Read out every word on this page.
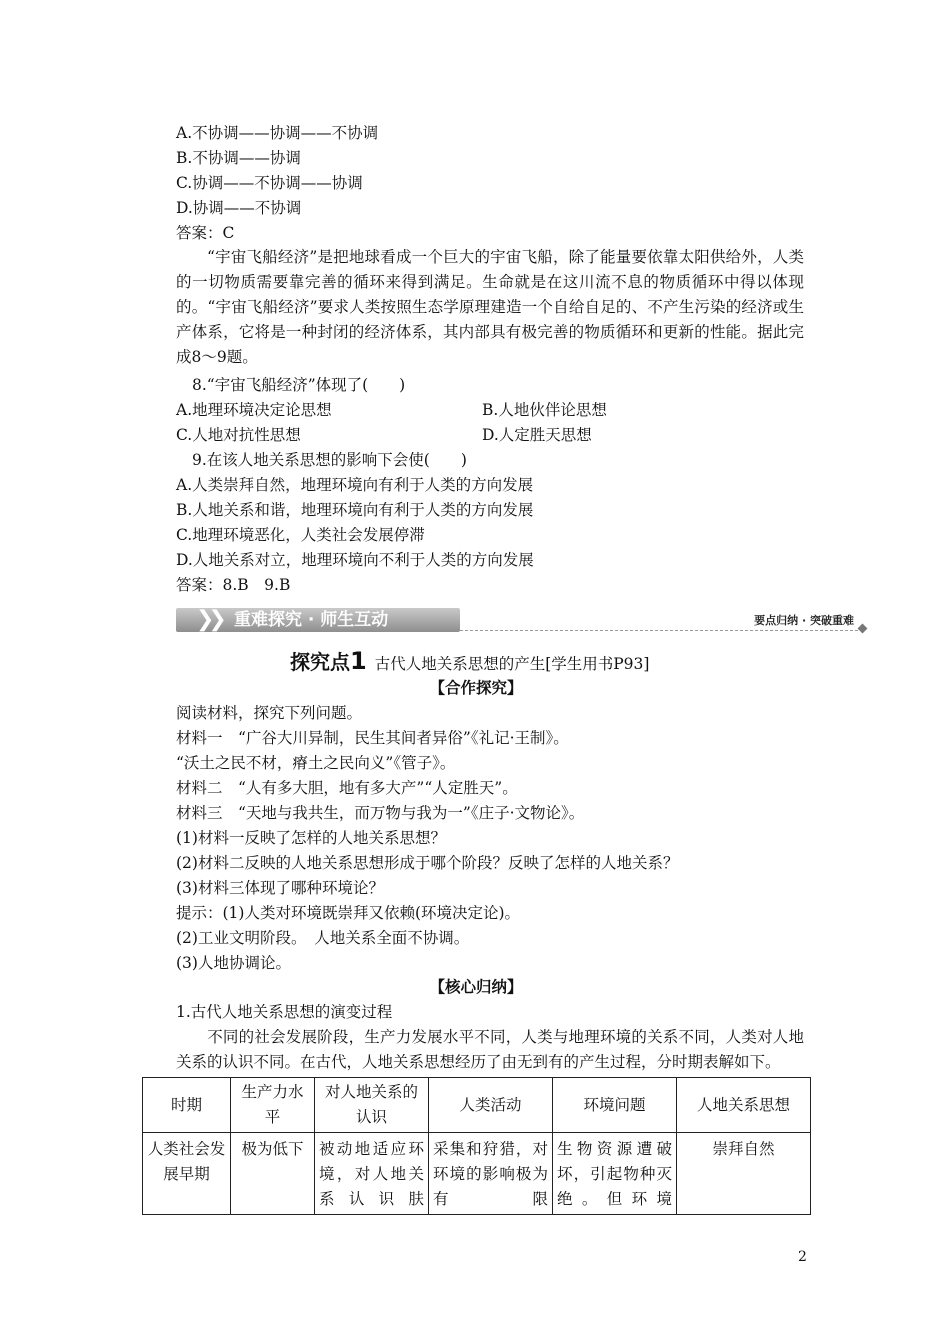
A.不协调——协调——不协调
B.不协调——协调
C.协调——不协调——协调
D.协调——不协调
答案：C
“宇宙飞船经济”是把地球看成一个巨大的宇宙飞船，除了能量要依靠太阳供给外，人类的一切物质需要靠完善的循环来得到满足。生命就是在这川流不息的物质循环中得以体现的。“宇宙飞船经济”要求人类按照生态学原理建造一个自给自足的、不产生污染的经济或生产体系，它将是一种封闭的经济体系，其内部具有极完善的物质循环和更新的性能。据此完成8～9题。
8.“宇宙飞船经济”体现了(　　)
A.地理环境决定论思想	B.人地伙伴论思想
C.人地对抗性思想	D.人定胜天思想
9.在该人地关系思想的影响下会使(　　)
A.人类崇拜自然，地理环境向有利于人类的方向发展
B.人地关系和谐，地理环境向有利于人类的方向发展
C.地理环境恶化，人类社会发展停滞
D.人地关系对立，地理环境向不利于人类的方向发展
答案：8.B　9.B
❯❯ 重难探究 · 师生互动	要点归纳 · 突破重难
探究点1 古代人地关系思想的产生[学生用书P93]
【合作探究】
阅读材料，探究下列问题。
材料一　“广谷大川异制，民生其间者异俗”《礼记·王制》。
“沃土之民不材，瘠土之民向义”《管子》。
材料二　“人有多大胆，地有多大产”“人定胜天”。
材料三　“天地与我共生，而万物与我为一”《庄子·文物论》。
(1)材料一反映了怎样的人地关系思想？
(2)材料二反映的人地关系思想形成于哪个阶段？反映了怎样的人地关系？
(3)材料三体现了哪种环境论？
提示：(1)人类对环境既崇拜又依赖(环境决定论)。
(2)工业文明阶段。　人地关系全面不协调。
(3)人地协调论。
【核心归纳】
1.古代人地关系思想的演变过程
不同的社会发展阶段，生产力发展水平不同，人类与地理环境的关系不同，人类对人地关系的认识不同。在古代，人地关系思想经历了由无到有的产生过程，分时期表解如下。
时期	生产力水平	对人地关系的认识	人类活动	环境问题	人地关系思想
人类社会发展早期	极为低下	被动地适应环境，对人地关系认识肤	采集和狩猎，对环境的影响极为有限	生物资源遭破坏，引起物种灭绝。但环境	崇拜自然
2
